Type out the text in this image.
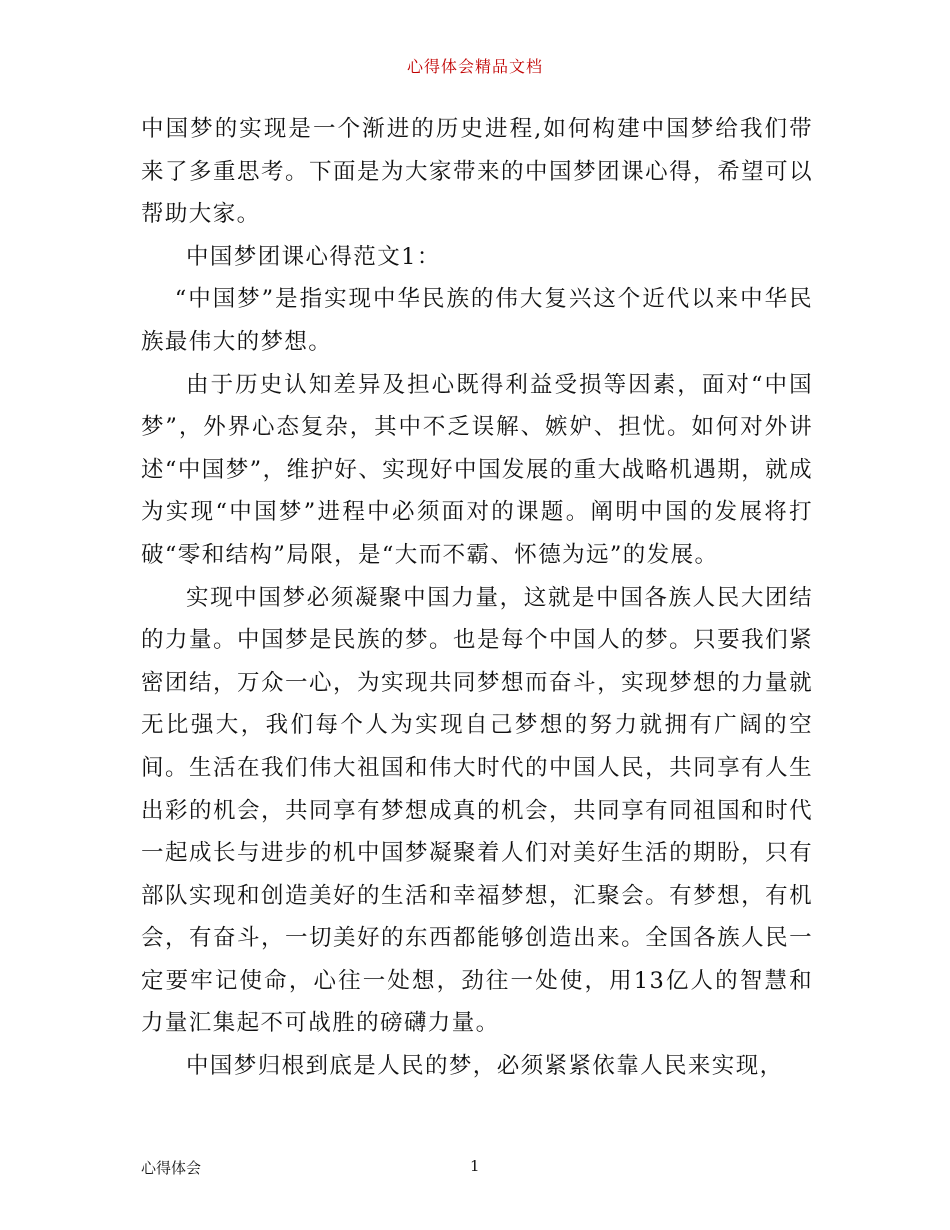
心得体会精品文档

中国梦的实现是一个渐进的历史进程,如何构建中国梦给我们带来了多重思考。下面是为大家带来的中国梦团课心得，希望可以帮助大家。

中国梦团课心得范文1：

“中国梦”是指实现中华民族的伟大复兴这个近代以来中华民族最伟大的梦想。

由于历史认知差异及担心既得利益受损等因素，面对“中国梦”，外界心态复杂，其中不乏误解、嫉妒、担忧。如何对外讲述“中国梦”，维护好、实现好中国发展的重大战略机遇期，就成为实现“中国梦”进程中必须面对的课题。阐明中国的发展将打破“零和结构”局限，是“大而不霸、怀德为远”的发展。

实现中国梦必须凝聚中国力量，这就是中国各族人民大团结的力量。中国梦是民族的梦。也是每个中国人的梦。只要我们紧密团结，万众一心，为实现共同梦想而奋斗，实现梦想的力量就无比强大，我们每个人为实现自己梦想的努力就拥有广阔的空间。生活在我们伟大祖国和伟大时代的中国人民，共同享有人生出彩的机会，共同享有梦想成真的机会，共同享有同祖国和时代一起成长与进步的机中国梦凝聚着人们对美好生活的期盼，只有部队实现和创造美好的生活和幸福梦想，汇聚会。有梦想，有机会，有奋斗，一切美好的东西都能够创造出来。全国各族人民一定要牢记使命，心往一处想，劲往一处使，用13亿人的智慧和力量汇集起不可战胜的磅礴力量。

中国梦归根到底是人民的梦，必须紧紧依靠人民来实现，

心得体会	1
